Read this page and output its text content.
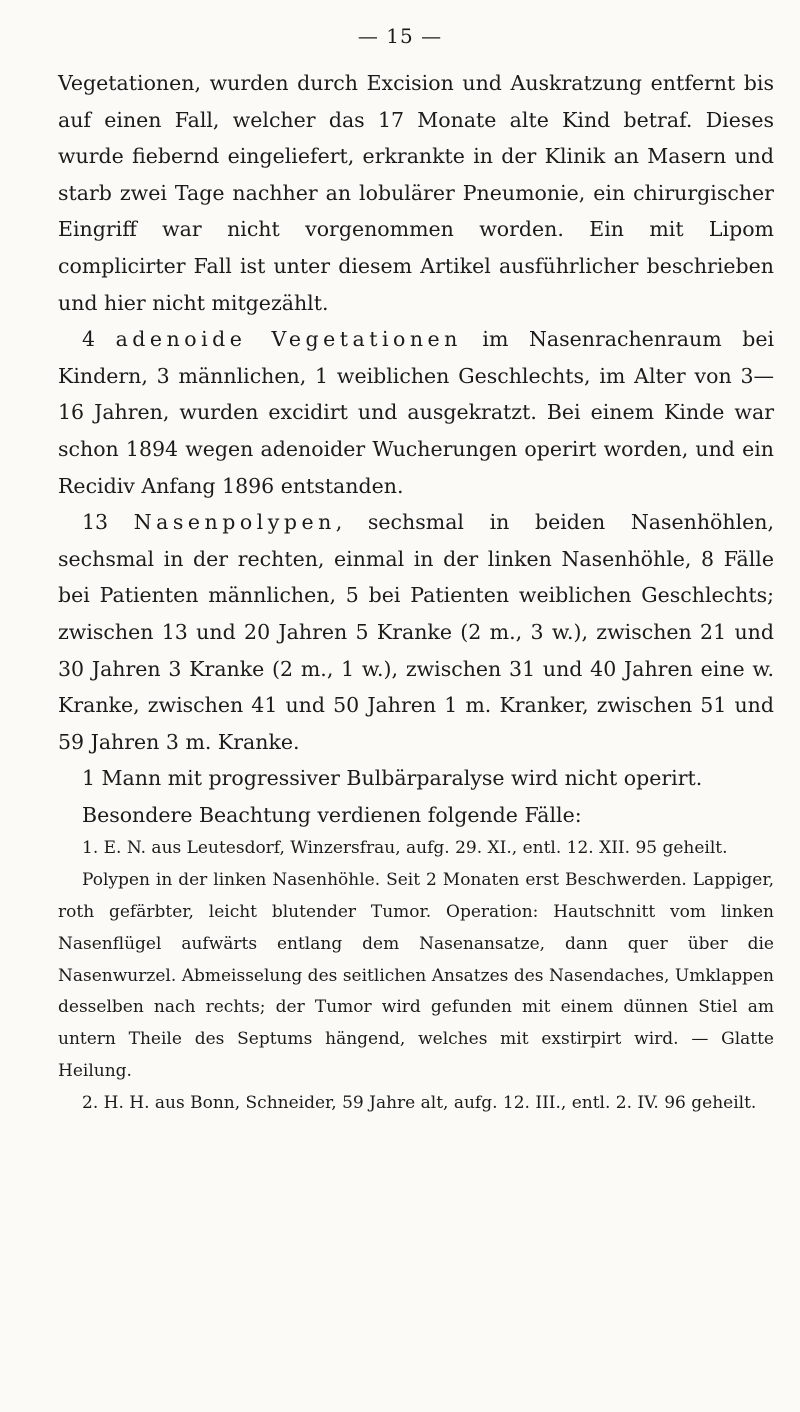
— 15 —

Vegetationen, wurden durch Excision und Auskratzung entfernt bis auf einen Fall, welcher das 17 Monate alte Kind betraf. Dieses wurde fiebernd eingeliefert, erkrankte in der Klinik an Masern und starb zwei Tage nachher an lobulärer Pneumonie, ein chirurgischer Eingriff war nicht vorgenommen worden. Ein mit Lipom complicirter Fall ist unter diesem Artikel ausführlicher beschrieben und hier nicht mitgezählt.

4 adenoide Vegetationen im Nasenrachenraum bei Kindern, 3 männlichen, 1 weiblichen Geschlechts, im Alter von 3—16 Jahren, wurden excidirt und ausgekratzt. Bei einem Kinde war schon 1894 wegen adenoider Wucherungen operirt worden, und ein Recidiv Anfang 1896 entstanden.

13 Nasenpolypen, sechsmal in beiden Nasenhöhlen, sechsmal in der rechten, einmal in der linken Nasenhöhle, 8 Fälle bei Patienten männlichen, 5 bei Patienten weiblichen Geschlechts; zwischen 13 und 20 Jahren 5 Kranke (2 m., 3 w.), zwischen 21 und 30 Jahren 3 Kranke (2 m., 1 w.), zwischen 31 und 40 Jahren eine w. Kranke, zwischen 41 und 50 Jahren 1 m. Kranker, zwischen 51 und 59 Jahren 3 m. Kranke.

1 Mann mit progressiver Bulbärparalyse wird nicht operirt.

Besondere Beachtung verdienen folgende Fälle:

1. E. N. aus Leutesdorf, Winzersfrau, aufg. 29. XI., entl. 12. XII. 95 geheilt.

Polypen in der linken Nasenhöhle. Seit 2 Monaten erst Beschwerden. Lappiger, roth gefärbter, leicht blutender Tumor. Operation: Hautschnitt vom linken Nasenflügel aufwärts entlang dem Nasenansatze, dann quer über die Nasenwurzel. Abmeisselung des seitlichen Ansatzes des Nasendaches, Umklappen desselben nach rechts; der Tumor wird gefunden mit einem dünnen Stiel am untern Theile des Septums hängend, welches mit exstirpirt wird. — Glatte Heilung.

2. H. H. aus Bonn, Schneider, 59 Jahre alt, aufg. 12. III., entl. 2. IV. 96 geheilt.
